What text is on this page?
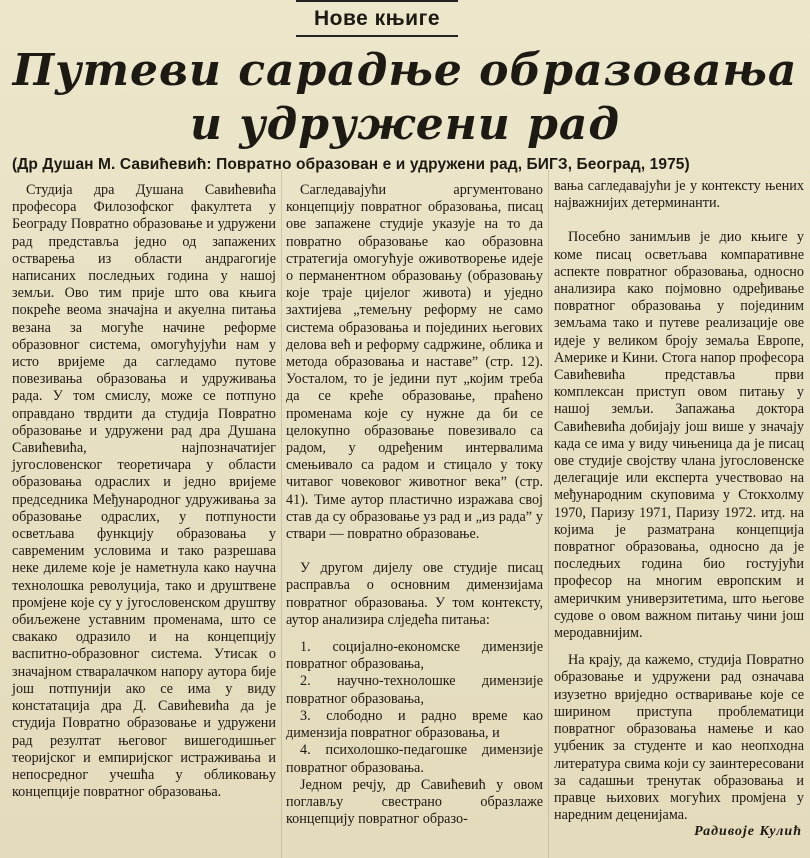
Нове књиге
Путеви сарадње образовања
и удружени рад
(Др Душан М. Савићевић: Повратно образован е и удружени рад, БИГЗ, Београд, 1975)

Студија дра Душана Савићевића професора Филозофског факултета у Београду Повратно образовање и удружени рад представља једно од запажених остварења из области андрагогије написаних последњих година у нашој земљи. Ово тим прије што ова књига покреће веома значајна и акуелна питања везана за могуће начине реформе образовног система, омогућујући нам у исто вријеме да сагледамо путове повезивања образовања и удруживања рада. У том смислу, може се потпуно оправдано тврдити да студија Повратно образовање и удружени рад дра Душана Савићевића, најпозначатијег југословенског теоретичара у области образовања одраслих и једно вријеме председника Међународног удруживања за образовање одраслих, у потпуности осветљава функцију образовања у савременим условима и тако разрешава неке дилеме које је наметнула како научна технолошка револуција, тако и друштвене промјене које су у југословенском друштву обиљежене уставним променама, што се свакако одразило и на концепцију васпитно-образовног система. Утисак о значајном стваралачком напору аутора бије још потпунији ако се има у виду констатација дра Д. Савићевића да је студија Повратно образовање и удружени рад резултат његовог вишегодишњег теоријског и емпиријског истраживања и непосредног учешћа у обликовању концепције повратног образовања.

Сагледавајући аргументовано концепцију повратног образовања, писац ове запажене студије указује на то да повратно образовање као образовна стратегија омогућује оживотворење идеје о перманентном образовању (образовању које траје цијелог живота) и уједно захтијева „темељну реформу не само система образовања и појединих његових делова већ и реформу садржине, облика и метода образовања и наставе” (стр. 12). Уосталом, то је једини пут „којим треба да се креће образовање, праћено променама које су нужне да би се целокупно образовање повезивало са радом, у одређеним интервалима смењивало са радом и стицало у току читавог човековог животног века” (стр. 41). Тиме аутор пластично изражава свој став да су образовање уз рад и „из рада” у ствари — повратно образовање.

У другом дијелу ове студије писац расправља о основним димензијама повратног образовања. У том контексту, аутор анализира слједећа питања:

1. социјално-економске димензије повратног образовања,

2. научно-технолошке димензије повратног образовања,

3. слободно и радно време као димензија повратног образовања, и

4. психолошко-педагошке димензије повратног образовања.

Једном речју, др Савићевић у овом поглављу свестрано образлаже концепцију повратног образо-

вања сагледавајући је у контексту њених најважнијих детерминанти.

Посебно занимљив је дио књиге у коме писац осветљава компаративне аспекте повратног образовања, односно анализира како појмовно одређивање повратног образовања у појединим земљама тако и путеве реализације ове идеје у великом броју земаља Европе, Америке и Кини. Стога напор професора Савићевића представља први комплексан приступ овом питању у нашој земљи. Запажања доктора Савићевића добијају још више у значају када се има у виду чињеница да је писац ове студије својству члана југословенске делегације или експерта учествовао на међународним скуповима у Стокхолму 1970, Паризу 1971, Паризу 1972. итд. на којима је разматрана концепција повратног образовања, односно да је последњих година био гостујући професор на многим европским и америчким универзитетима, што његове судове о овом важном питању чини још меродавнијим.

На крају, да кажемо, студија Повратно образовање и удружени рад означава изузетно вриједно остваривање које се ширином приступа проблематици повратног образовања намење и као уџбеник за студенте и као неопходна литература свима који су заинтересовани за садашњи тренутак образовања и правце њихових могућих промјена у наредним деценијама.

Радивоје Кулић
